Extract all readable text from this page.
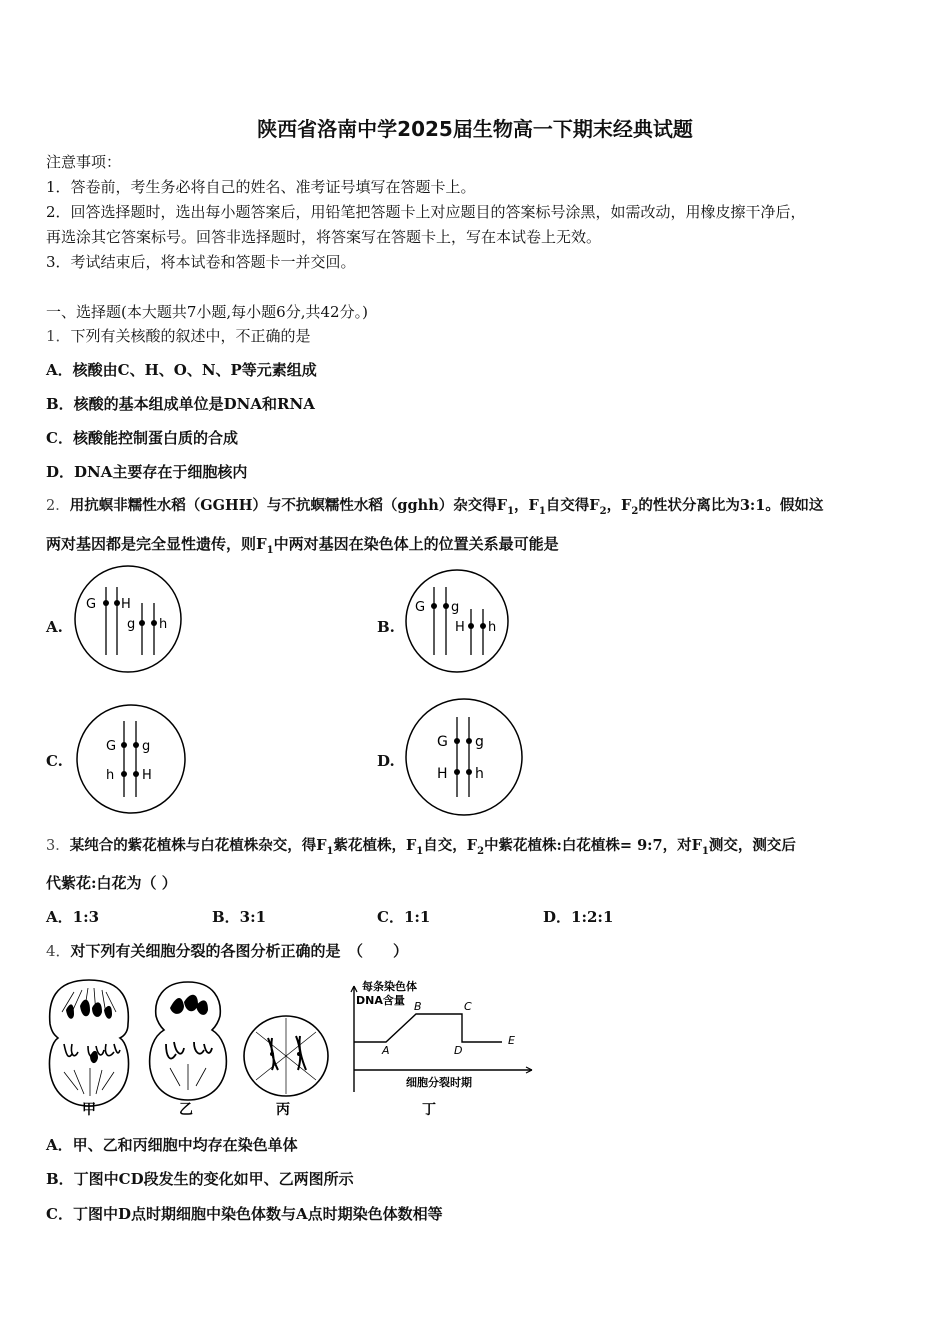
陕西省洛南中学2025届生物高一下期末经典试题
注意事项：
1．答卷前，考生务必将自己的姓名、准考证号填写在答题卡上。
2．回答选择题时，选出每小题答案后，用铅笔把答题卡上对应题目的答案标号涂黑，如需改动，用橡皮擦干净后，
再选涂其它答案标号。回答非选择题时，将答案写在答题卡上，写在本试卷上无效。
3．考试结束后，将本试卷和答题卡一并交回。
一、选择题(本大题共7小题,每小题6分,共42分。)
1．下列有关核酸的叙述中，不正确的是
A．核酸由C、H、O、N、P等元素组成
B．核酸的基本组成单位是DNA和RNA
C．核酸能控制蛋白质的合成
D．DNA主要存在于细胞核内
2．用抗螟非糯性水稻（GGHH）与不抗螟糯性水稻（gghh）杂交得$F_1$，$F_1$自交得$F_2$，$F_2$的性状分离比为3:1。假如这
两对基因都是完全显性遗传，则$F_1$中两对基因在染色体上的位置关系最可能是
A.	B.
C.	D.
G H
g h
G g
H h
G g
h H
G g
H h
3．某纯合的紫花植株与白花植株杂交，得$F_1$紫花植株，$F_1$自交，$F_2$中紫花植株:白花植株= 9:7，对$F_1$测交，测交后
代紫花:白花为（ ）
A．1:3	B．3:1	C．1:1	D．1:2:1
4．对下列有关细胞分裂的各图分析正确的是　（　　）
每条染色体
DNA含量
细胞分裂时期
A
B	C
D
E
甲	乙	丙	丁
A．甲、乙和丙细胞中均存在染色单体
B．丁图中CD段发生的变化如甲、乙两图所示
C．丁图中D点时期细胞中染色体数与A点时期染色体数相等
